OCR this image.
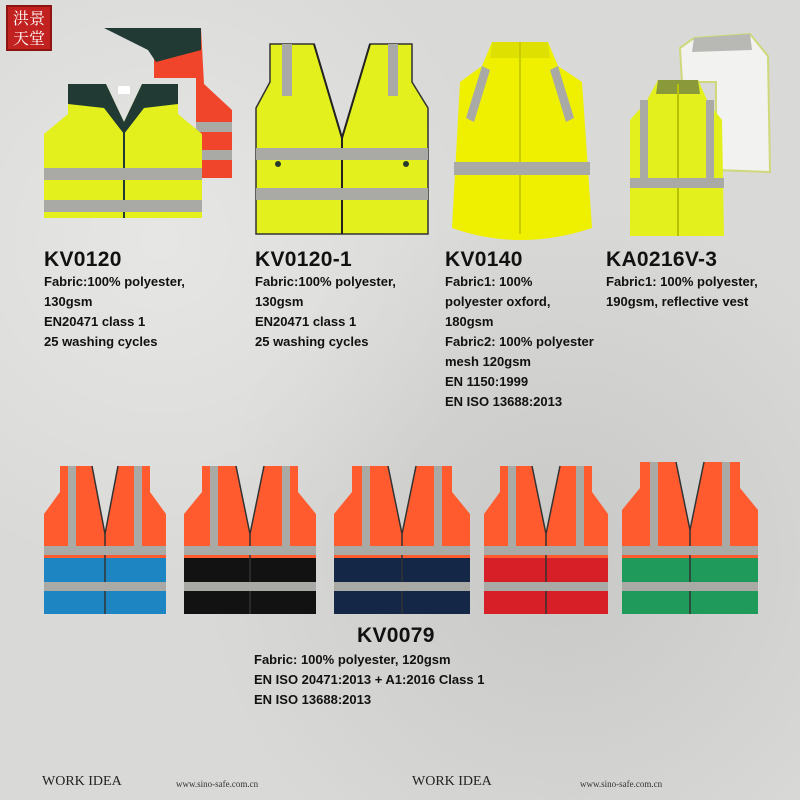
洪景
天堂
KV0120
Fabric:100% polyester,
130gsm
EN20471 class 1
25 washing cycles
KV0120-1
Fabric:100% polyester,
130gsm
EN20471 class 1
25 washing cycles
KV0140
Fabric1: 100%
polyester oxford,
180gsm
Fabric2: 100% polyester
mesh 120gsm
EN 1150:1999
EN ISO 13688:2013
KA0216V-3
Fabric1: 100% polyester,
190gsm, reflective vest
KV0079
Fabric: 100% polyester, 120gsm
EN ISO 20471:2013 + A1:2016 Class 1
EN ISO 13688:2013
WORK IDEA	www.sino-safe.com.cn	WORK IDEA	www.sino-safe.com.cn
